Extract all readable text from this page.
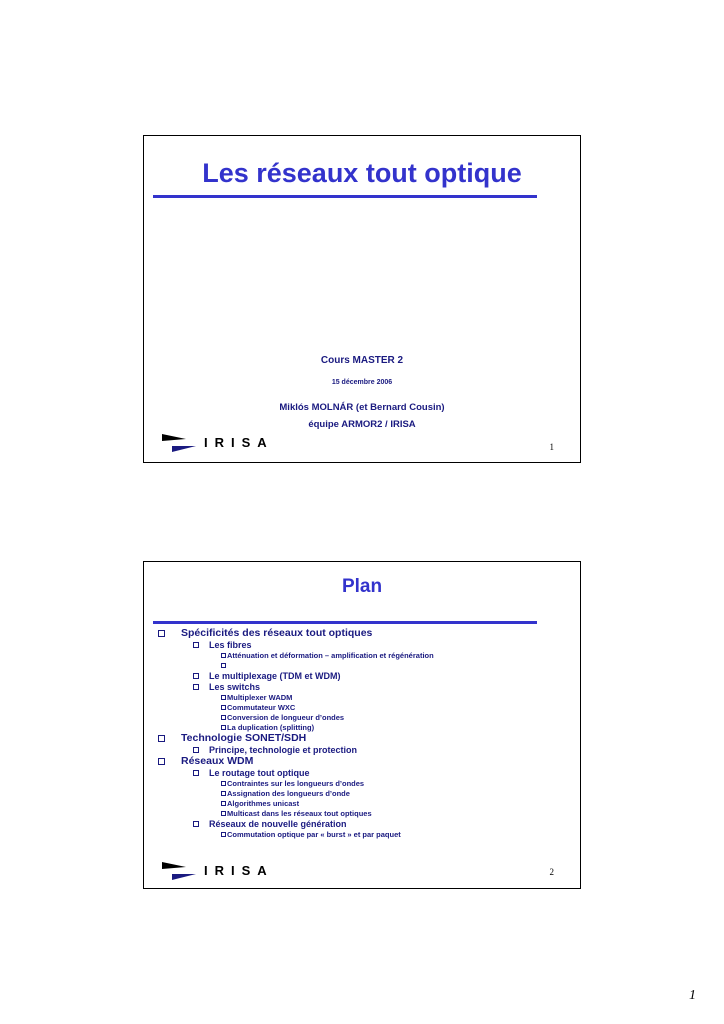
Les réseaux tout optique
Cours MASTER 2
15 décembre 2006
Miklós MOLNÁR (et Bernard Cousin)
équipe ARMOR2 / IRISA
IRISA	1
Plan
Spécificités des réseaux tout optiques
Les fibres
Atténuation et déformation – amplification et régénération
Le multiplexage (TDM et WDM)
Les switchs
Multiplexer WADM
Commutateur WXC
Conversion de longueur d’ondes
La duplication (splitting)
Technologie SONET/SDH
Principe, technologie et protection
Réseaux WDM
Le routage tout optique
Contraintes sur les longueurs d’ondes
Assignation des longueurs d’onde
Algorithmes unicast
Multicast dans les réseaux tout optiques
Réseaux de nouvelle génération
Commutation optique par « burst » et par paquet
IRISA	2
1
